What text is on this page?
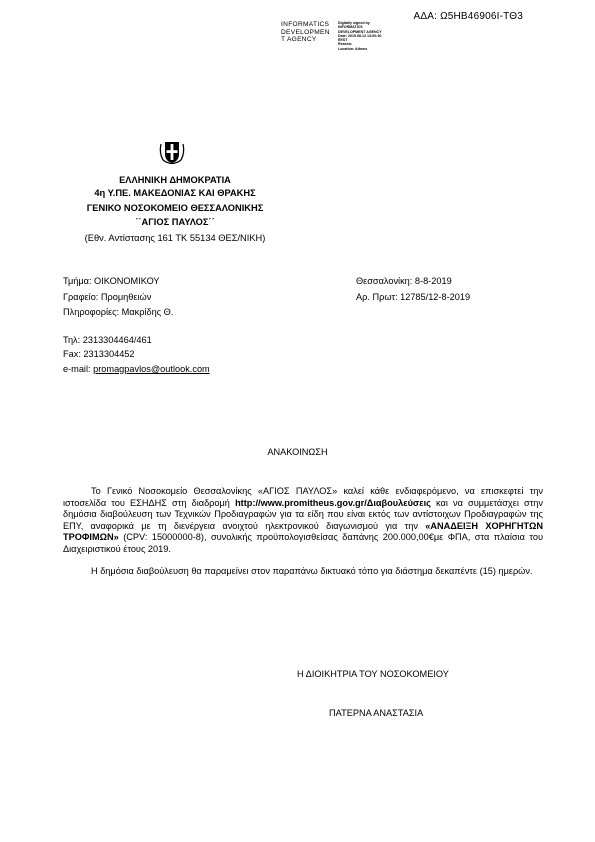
ΑΔΑ: Ω5ΗΒ46906Ι-ΤΘ3
INFORMATICS
DEVELOPMEN
T AGENCY
Digitally signed by
INFORMATICS
DEVELOPMENT AGENCY
Date: 2019.08.12 13:00:30
EEST
Reason:
Location: Athens
ΕΛΛΗΝΙΚΗ ΔΗΜΟΚΡΑΤΙΑ
4η Υ.ΠΕ. ΜΑΚΕΔΟΝΙΑΣ ΚΑΙ ΘΡΑΚΗΣ
ΓΕΝΙΚΟ ΝΟΣΟΚΟΜΕΙΟ ΘΕΣΣΑΛΟΝΙΚΗΣ
΄΄ΑΓΙΟΣ ΠΑΥΛΟΣ΄΄
(Εθν. Αντίστασης 161 ΤΚ 55134 ΘΕΣ/ΝΙΚΗ)
Τμήμα: ΟΙΚΟΝΟΜΙΚΟΥ
Γραφείο: Προμηθειών
Πληροφορίες: Μακρίδης Θ.
Θεσσαλονίκη: 8-8-2019
Αρ. Πρωτ: 12785/12-8-2019
Τηλ: 2313304464/461
Fax: 2313304452
e-mail: promagpavlos@outlook.com
ΑΝΑΚΟΙΝΩΣΗ

Το Γενικό Νοσοκομείο Θεσσαλονίκης «ΑΓΙΟΣ ΠΑΥΛΟΣ» καλεί κάθε ενδιαφερόμενο, να επισκεφτεί την ιστοσελίδα του ΕΣΗΔΗΣ στη διαδρομή http://www.promitheus.gov.gr/Διαβουλεύσεις και να συμμετάσχει στην δημόσια διαβούλευση των Τεχνικών Προδιαγραφών για τα είδη που είναι εκτός των αντίστοιχων Προδιαγραφών της ΕΠΥ, αναφορικά με τη διενέργεια ανοιχτού ηλεκτρονικού διαγωνισμού για την «ΑΝΑΔΕΙΞΗ ΧΟΡΗΓΗΤΩΝ ΤΡΟΦΙΜΩΝ» (CPV: 15000000-8), συνολικής προϋπολογισθείσας δαπάνης 200.000,00€με ΦΠΑ, στα πλαίσια του Διαχειριστικού έτους 2019.

Η δημόσια διαβούλευση θα παραμείνει στον παραπάνω δικτυακό τόπο για διάστημα δεκαπέντε (15) ημερών.

Η ΔΙΟΙΚΗΤΡΙΑ ΤΟΥ ΝΟΣΟΚΟΜΕΙΟΥ
ΠΑΤΕΡΝΑ ΑΝΑΣΤΑΣΙΑ
